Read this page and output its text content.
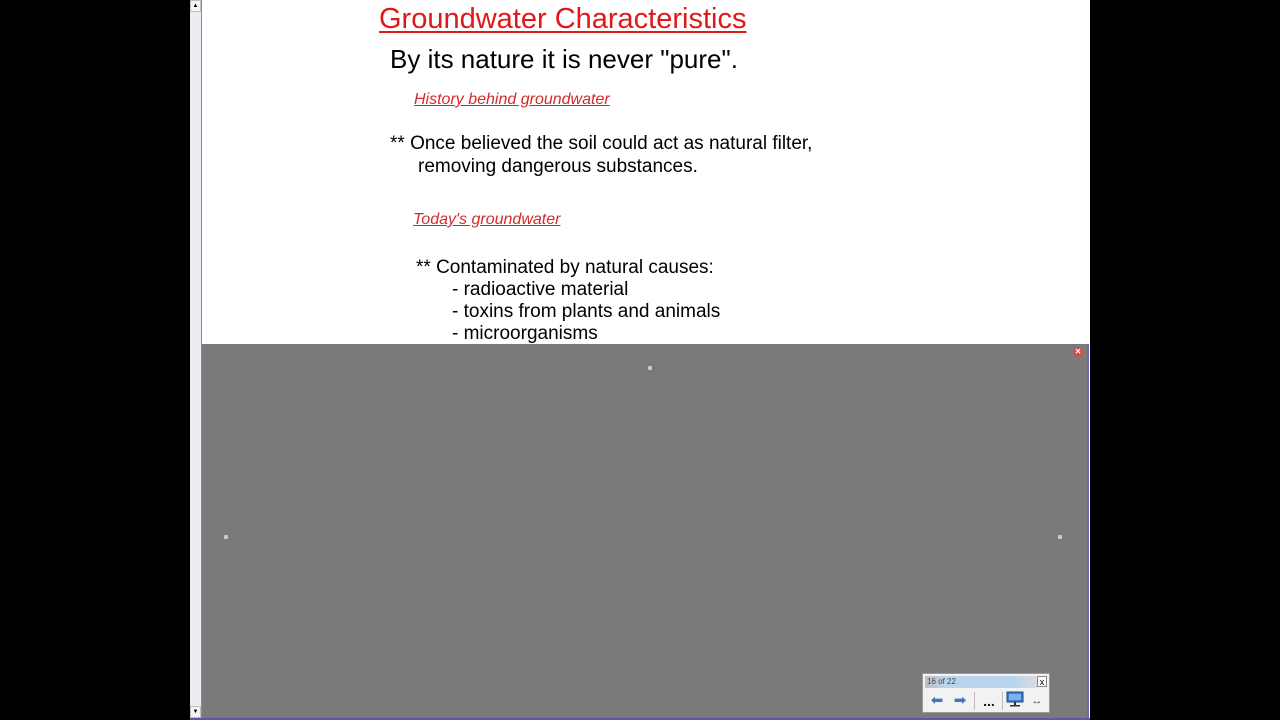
▲
▼
Groundwater Characteristics
By its nature it is never "pure".
History behind groundwater
** Once believed the soil could act as natural filter,
removing dangerous substances.
Today's groundwater
** Contaminated by natural causes:
- radioactive material
- toxins from plants and animals
- microorganisms
✕
16 of 22	x
⬅ ➡	...	↔
